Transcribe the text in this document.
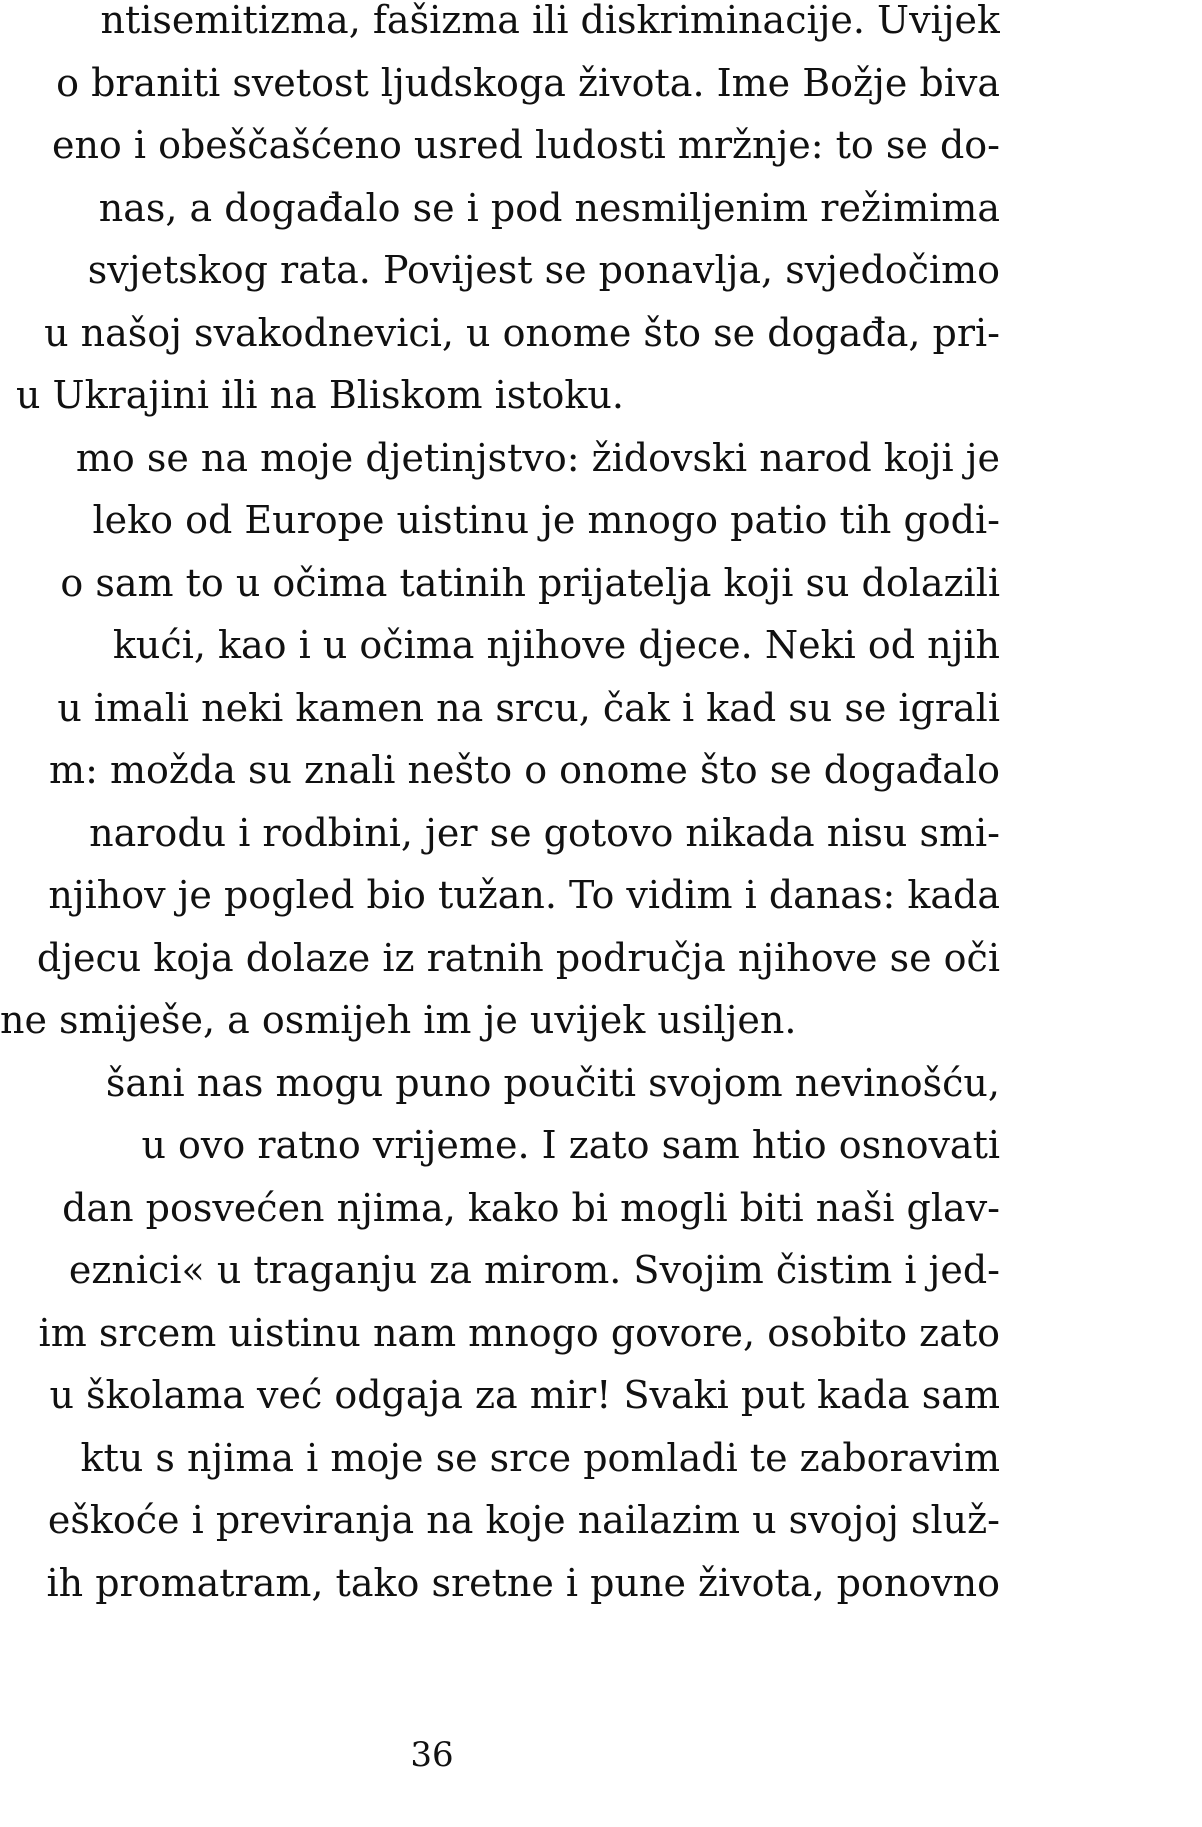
ntisemitizma, fašizma ili diskriminacije. Uvijek
o braniti svetost ljudskoga života. Ime Božje biva
eno i obeščašćeno usred ludosti mržnje: to se do-
nas, a događalo se i pod nesmiljenim režimima
svjetskog rata. Povijest se ponavlja, svjedočimo
u našoj svakodnevici, u onome što se događa, pri-
u Ukrajini ili na Bliskom istoku.
mo se na moje djetinjstvo: židovski narod koji je
leko od Europe uistinu je mnogo patio tih godi-
o sam to u očima tatinih prijatelja koji su dolazili
kući, kao i u očima njihove djece. Neki od njih
u imali neki kamen na srcu, čak i kad su se igrali
m: možda su znali nešto o onome što se događalo
narodu i rodbini, jer se gotovo nikada nisu smi-
njihov je pogled bio tužan. To vidim i danas: kada
djecu koja dolaze iz ratnih područja njihove se oči
ne smiješe, a osmijeh im je uvijek usiljen.
šani nas mogu puno poučiti svojom nevinošću,
u ovo ratno vrijeme. I zato sam htio osnovati
dan posvećen njima, kako bi mogli biti naši glav-
eznici« u traganju za mirom. Svojim čistim i jed-
im srcem uistinu nam mnogo govore, osobito zato
u školama već odgaja za mir! Svaki put kada sam
ktu s njima i moje se srce pomladi te zaboravim
eškoće i previranja na koje nailazim u svojoj služ-
ih promatram, tako sretne i pune života, ponovno
36
